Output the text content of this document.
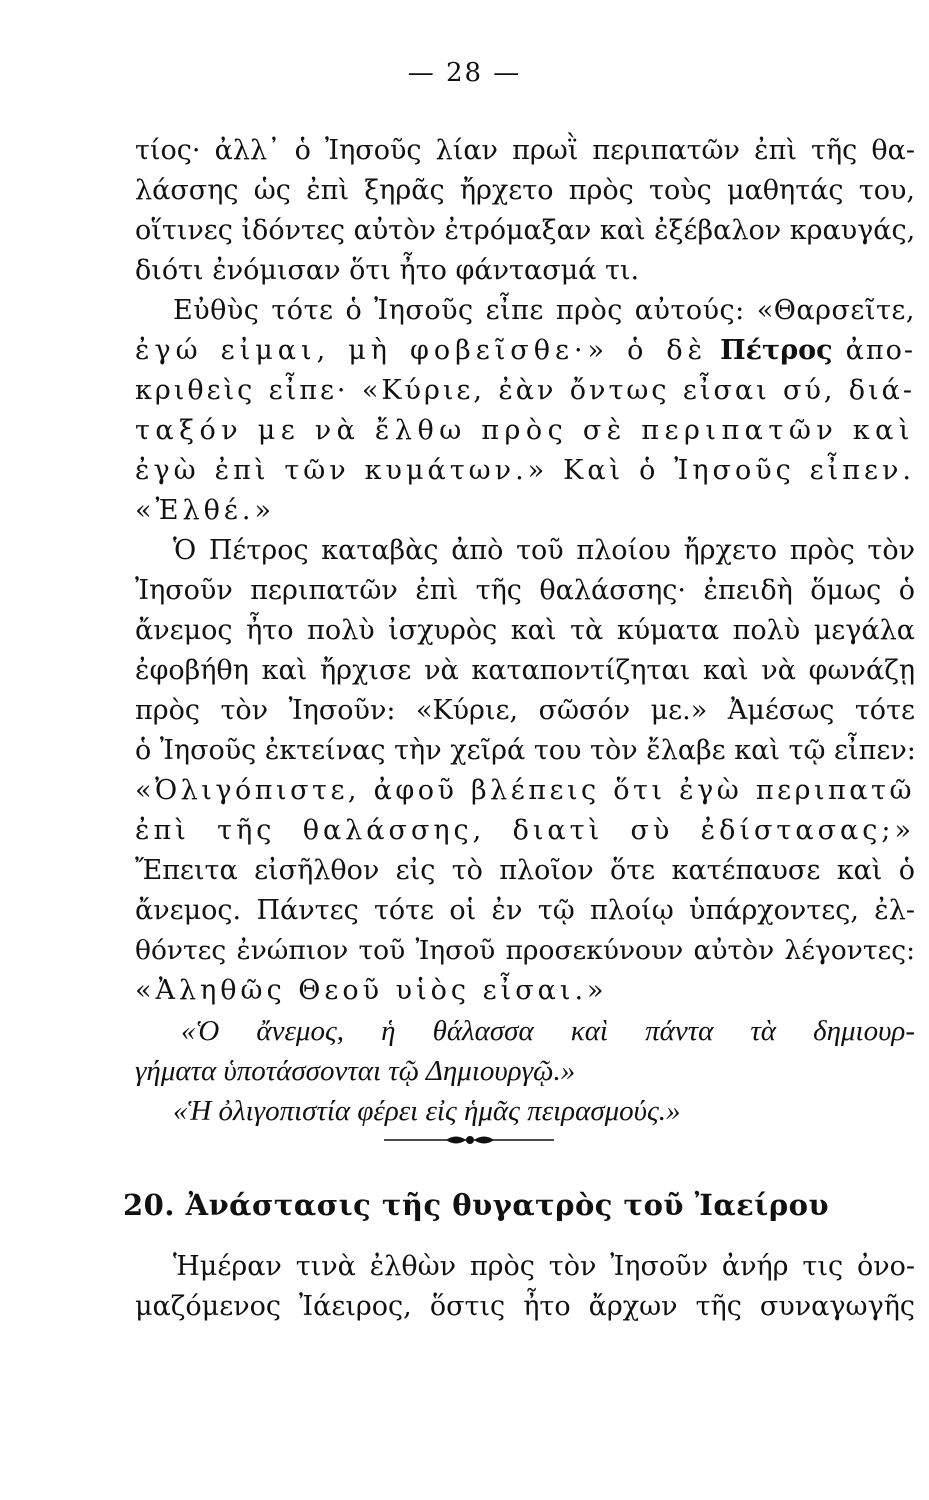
— 28 —
τίος· ἀλλ᾽ ὁ Ἰησοῦς λίαν πρωῒ περιπατῶν ἐπὶ τῆς θα-
λάσσης ὡς ἐπὶ ξηρᾶς ἤρχετο πρὸς τοὺς μαθητάς του,
οἵτινες ἰδόντες αὐτὸν ἐτρόμαξαν καὶ ἐξέβαλον κραυγάς,
διότι ἐνόμισαν ὅτι ἦτο φάντασμά τι.
Εὐθὺς τότε ὁ Ἰησοῦς εἶπε πρὸς αὐτούς: «Θαρσεῖτε,
ἐγώ εἰμαι, μὴ φοβεῖσθε·» ὁ δὲ Πέτρος ἀπο-
κριθεὶς εἶπε· «Κύριε, ἐὰν ὄντως εἶσαι σύ, διά-
ταξόν με νὰ ἔλθω πρὸς σὲ περιπατῶν καὶ
ἐγὼ ἐπὶ τῶν κυμάτων.» Καὶ ὁ Ἰησοῦς εἶπεν.
«Ἐλθέ.»
Ὁ Πέτρος καταβὰς ἀπὸ τοῦ πλοίου ἤρχετο πρὸς τὸν
Ἰησοῦν περιπατῶν ἐπὶ τῆς θαλάσσης· ἐπειδὴ ὅμως ὁ
ἄνεμος ἦτο πολὺ ἰσχυρὸς καὶ τὰ κύματα πολὺ μεγάλα
ἐφοβήθη καὶ ἤρχισε νὰ καταποντίζηται καὶ νὰ φωνάζῃ
πρὸς τὸν Ἰησοῦν: «Κύριε, σῶσόν με.» Ἀμέσως τότε
ὁ Ἰησοῦς ἐκτείνας τὴν χεῖρά του τὸν ἔλαβε καὶ τῷ εἶπεν:
«Ὀλιγόπιστε, ἀφοῦ βλέπεις ὅτι ἐγὼ περιπατῶ
ἐπὶ τῆς θαλάσσης, διατὶ σὺ ἐδίστασας;»
Ἔπειτα εἰσῆλθον εἰς τὸ πλοῖον ὅτε κατέπαυσε καὶ ὁ
ἄνεμος. Πάντες τότε οἱ ἐν τῷ πλοίῳ ὑπάρχοντες, ἐλ-
θόντες ἐνώπιον τοῦ Ἰησοῦ προσεκύνουν αὐτὸν λέγοντες:
«Ἀληθῶς Θεοῦ υἱὸς εἶσαι.»
«Ὁ ἄνεμος, ἡ θάλασσα καὶ πάντα τὰ δημιουρ-
γήματα ὑποτάσσονται τῷ Δημιουργῷ.»
«Ἡ ὀλιγοπιστία φέρει εἰς ἡμᾶς πειρασμούς.»
20. Ἀνάστασις τῆς θυγατρὸς τοῦ Ἰαείρου
Ἡμέραν τινὰ ἐλθὼν πρὸς τὸν Ἰησοῦν ἀνήρ τις ὀνο-
μαζόμενος Ἰάειρος, ὅστις ἦτο ἄρχων τῆς συναγωγῆς
